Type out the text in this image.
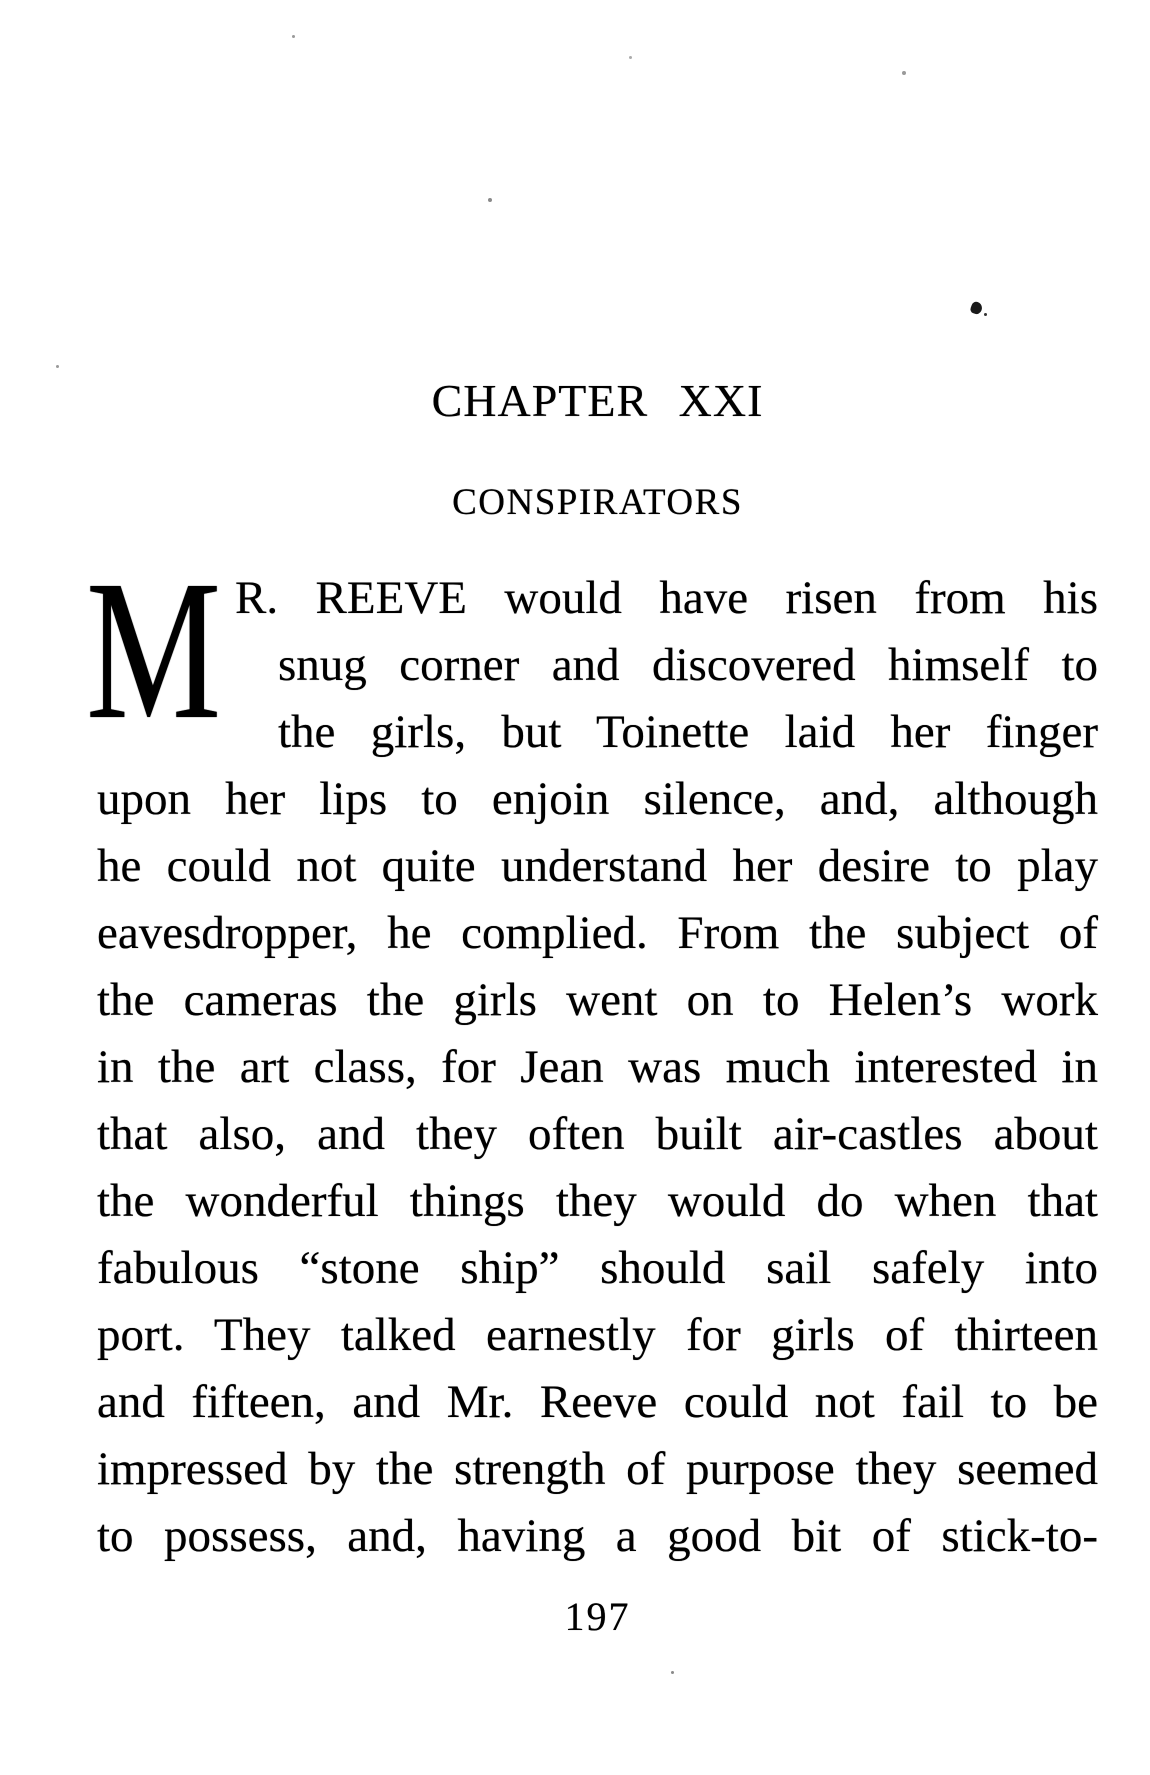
CHAPTER XXI
CONSPIRATORS
M R. REEVE would have risen from his
snug corner and discovered himself to
the girls, but Toinette laid her finger
upon her lips to enjoin silence, and, although
he could not quite understand her desire to play
eavesdropper, he complied. From the subject of
the cameras the girls went on to Helen’s work
in the art class, for Jean was much interested in
that also, and they often built air-castles about
the wonderful things they would do when that
fabulous “stone ship” should sail safely into
port. They talked earnestly for girls of thirteen
and fifteen, and Mr. Reeve could not fail to be
impressed by the strength of purpose they seemed
to possess, and, having a good bit of stick-to-
197
